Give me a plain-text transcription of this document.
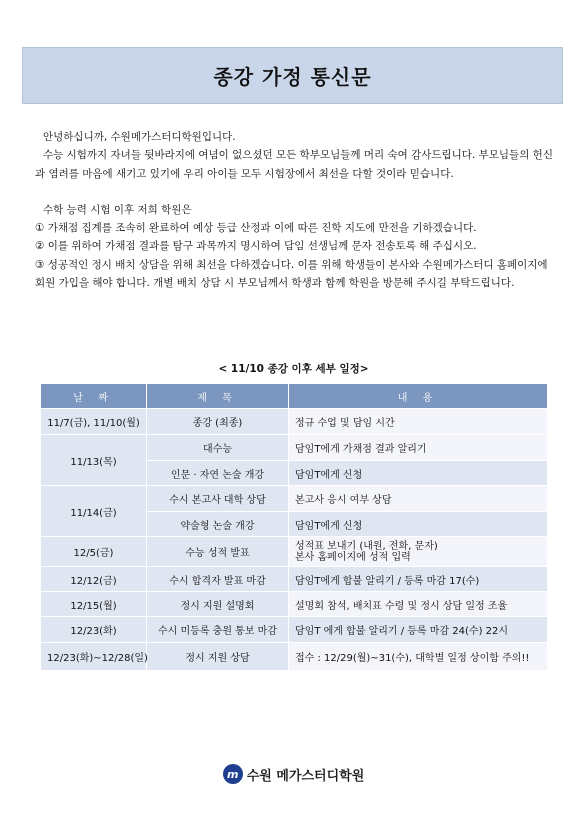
종강 가정 통신문

안녕하십니까, 수원메가스터디학원입니다.

수능 시험까지 자녀들 뒷바라지에 여념이 없으셨던 모든 학부모님들께 머리 숙여 감사드립니다. 부모님들의 헌신과 염려를 마음에 새기고 있기에 우리 아이들 모두 시험장에서 최선을 다할 것이라 믿습니다.

수학 능력 시험 이후 저희 학원은

① 가채점 집계를 조속히 완료하여 예상 등급 산정과 이에 따른 진학 지도에 만전을 기하겠습니다.

② 이를 위하여 가채점 결과를 탐구 과목까지 명시하여 담임 선생님께 문자 전송토록 해 주십시오.

③ 성공적인 정시 배치 상담을 위해 최선을 다하겠습니다. 이를 위해 학생들이 본사와 수원메가스터디 홈페이지에 회원 가입을 해야 합니다. 개별 배치 상담 시 부모님께서 학생과 함께 학원을 방문해 주시길 부탁드립니다.

< 11/10 종강 이후 세부 일정>
날 짜	제 목	내 용
11/7(금), 11/10(월)	종강 (최종)	정규 수업 및 담임 시간
11/13(목)	대수능	담임T에게 가채점 결과 알리기
	인문 · 자연 논술 개강	담임T에게 신청
11/14(금)	수시 본고사 대학 상담	본고사 응시 여부 상담
	약술형 논술 개강	담임T에게 신청
12/5(금)	수능 성적 발표	성적표 보내기 (내원, 전화, 문자)
본사 홈페이지에 성적 입력

12/12(금)	수시 합격자 발표 마감	담임T에게 합불 알리기 / 등록 마감 17(수)
12/15(월)	정시 지원 설명회	설명회 참석, 배치표 수령 및 정시 상담 일정 조율
12/23(화)	수시 미등록 충원 통보 마감	담임T 에게 합불 알리기 / 등록 마감 24(수) 22시
12/23(화)~12/28(일)	정시 지원 상담	접수 : 12/29(월)~31(수), 대학별 일정 상이함 주의!!
m 수원 메가스터디학원
